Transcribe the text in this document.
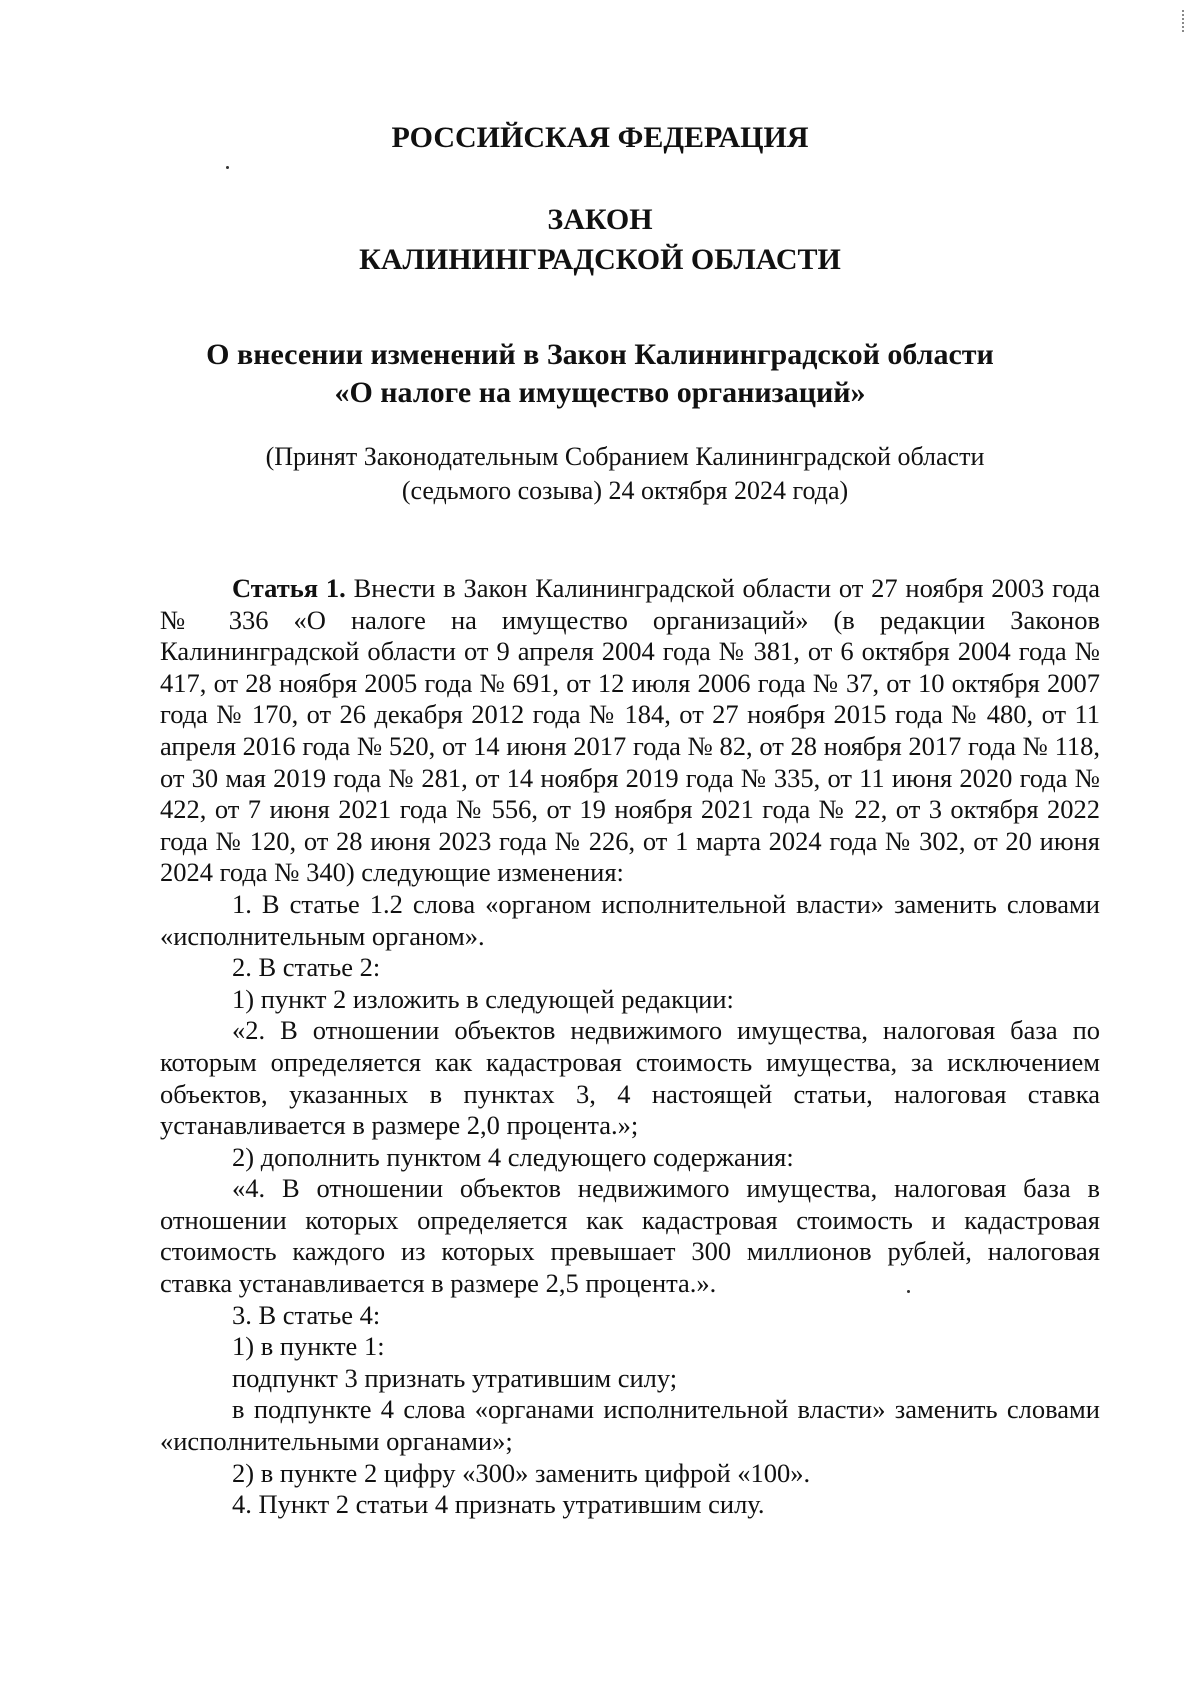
РОССИЙСКАЯ ФЕДЕРАЦИЯ
ЗАКОН
КАЛИНИНГРАДСКОЙ ОБЛАСТИ
О внесении изменений в Закон Калининградской области
«О налоге на имущество организаций»
(Принят Законодательным Собранием Калининградской области
(седьмого созыва) 24 октября 2024 года)

Статья 1. Внести в Закон Калининградской области от 27 ноября 2003 года № 336 «О налоге на имущество организаций» (в редакции Законов Калининградской области от 9 апреля 2004 года № 381, от 6 октября 2004 года № 417, от 28 ноября 2005 года № 691, от 12 июля 2006 года № 37, от 10 октября 2007 года № 170, от 26 декабря 2012 года № 184, от 27 ноября 2015 года № 480, от 11 апреля 2016 года № 520, от 14 июня 2017 года № 82, от 28 ноября 2017 года № 118, от 30 мая 2019 года № 281, от 14 ноября 2019 года № 335, от 11 июня 2020 года № 422, от 7 июня 2021 года № 556, от 19 ноября 2021 года № 22, от 3 октября 2022 года № 120, от 28 июня 2023 года № 226, от 1 марта 2024 года № 302, от 20 июня 2024 года № 340) следующие изменения:

1. В статье 1.2 слова «органом исполнительной власти» заменить словами «исполнительным органом».

2. В статье 2:

1) пункт 2 изложить в следующей редакции:

«2. В отношении объектов недвижимого имущества, налоговая база по которым определяется как кадастровая стоимость имущества, за исключением объектов, указанных в пунктах 3, 4 настоящей статьи, налоговая ставка устанавливается в размере 2,0 процента.»;

2) дополнить пунктом 4 следующего содержания:

«4. В отношении объектов недвижимого имущества, налоговая база в отношении которых определяется как кадастровая стоимость и кадастровая стоимость каждого из которых превышает 300 миллионов рублей, налоговая ставка устанавливается в размере 2,5 процента.».

3. В статье 4:

1) в пункте 1:

подпункт 3 признать утратившим силу;

в подпункте 4 слова «органами исполнительной власти» заменить словами «исполнительными органами»;

2) в пункте 2 цифру «300» заменить цифрой «100».

4. Пункт 2 статьи 4 признать утратившим силу.
